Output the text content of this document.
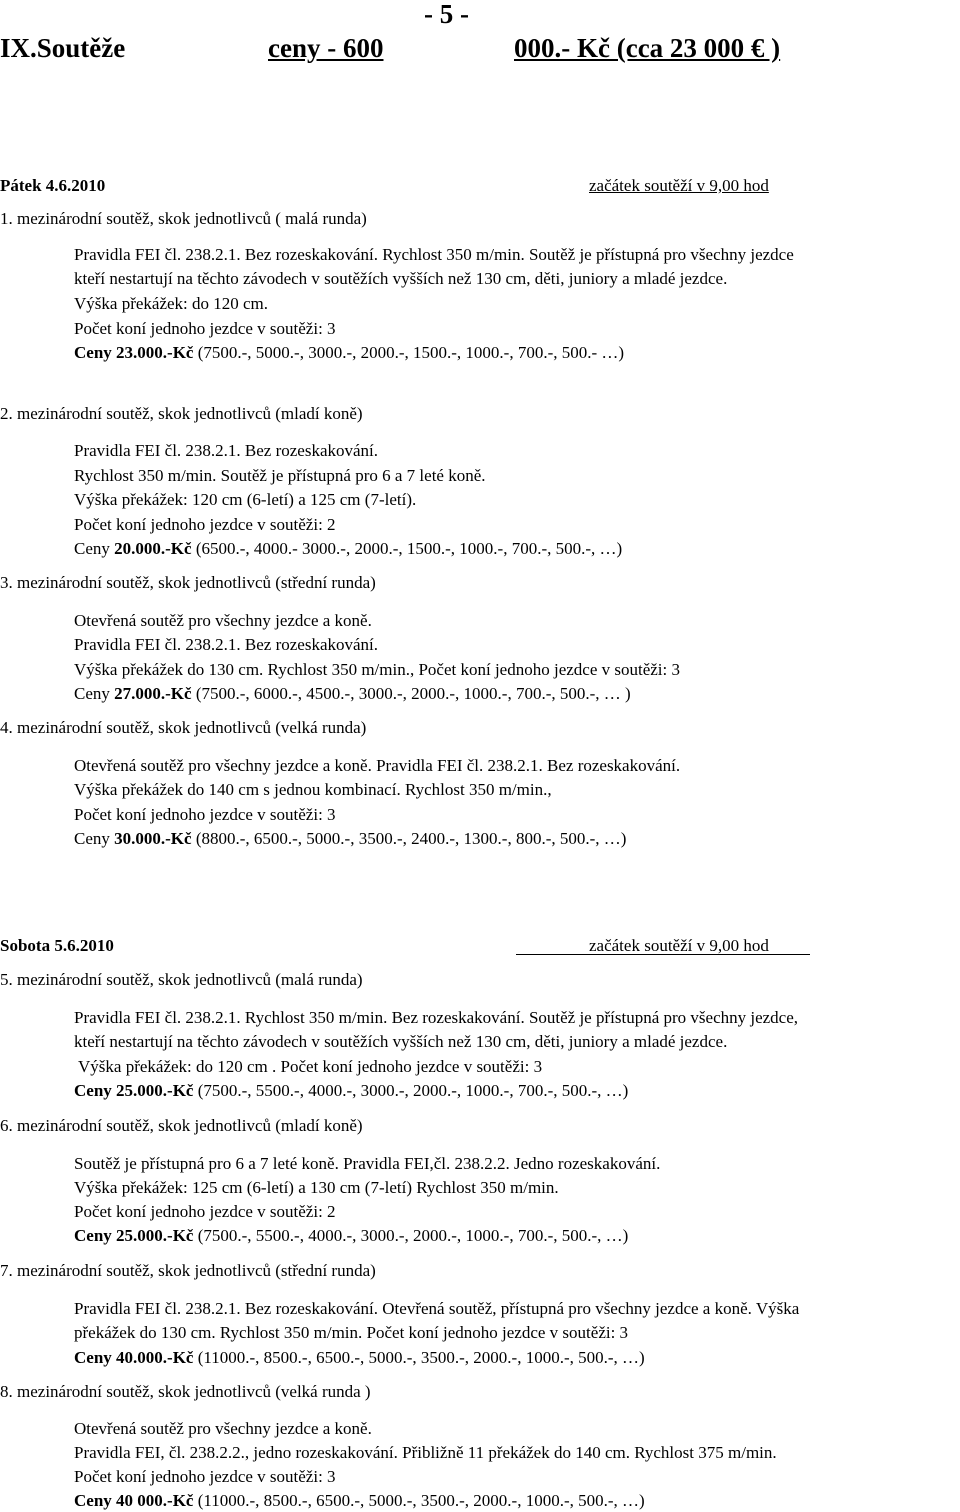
- 5 -
IX.Soutěže	ceny - 600	000.- Kč (cca 23 000 € )
Pátek 4.6.2010	začátek soutěží v 9,00 hod
1. mezinárodní soutěž, skok jednotlivců ( malá runda)
Pravidla FEI čl. 238.2.1. Bez rozeskakování. Rychlost 350 m/min. Soutěž je přístupná pro všechny jezdce
kteří nestartují na těchto závodech v soutěžích vyšších než 130 cm, děti, juniory a mladé jezdce.
Výška překážek: do 120 cm.
Počet koní jednoho jezdce v soutěži: 3
Ceny 23.000.-Kč (7500.-, 5000.-, 3000.-, 2000.-, 1500.-, 1000.-, 700.-, 500.- …)
2. mezinárodní soutěž, skok jednotlivců (mladí koně)
Pravidla FEI čl. 238.2.1. Bez rozeskakování.
Rychlost 350 m/min. Soutěž je přístupná pro 6 a 7 leté koně.
Výška překážek: 120 cm (6-letí) a 125 cm (7-letí).
Počet koní jednoho jezdce v soutěži: 2
Ceny 20.000.-Kč (6500.-, 4000.- 3000.-, 2000.-, 1500.-, 1000.-, 700.-, 500.-, …)
3. mezinárodní soutěž, skok jednotlivců (střední runda)
Otevřená soutěž pro všechny jezdce a koně.
Pravidla FEI čl. 238.2.1. Bez rozeskakování.
Výška překážek do 130 cm. Rychlost 350 m/min., Počet koní jednoho jezdce v soutěži: 3
Ceny 27.000.-Kč (7500.-, 6000.-, 4500.-, 3000.-, 2000.-, 1000.-, 700.-, 500.-, … )
4. mezinárodní soutěž, skok jednotlivců (velká runda)
Otevřená soutěž pro všechny jezdce a koně. Pravidla FEI čl. 238.2.1. Bez rozeskakování.
Výška překážek do 140 cm s jednou kombinací. Rychlost 350 m/min.,
Počet koní jednoho jezdce v soutěži: 3
Ceny 30.000.-Kč (8800.-, 6500.-, 5000.-, 3500.-, 2400.-, 1300.-, 800.-, 500.-, …)
Sobota 5.6.2010	začátek soutěží v 9,00 hod
5. mezinárodní soutěž, skok jednotlivců (malá runda)
Pravidla FEI čl. 238.2.1. Rychlost 350 m/min. Bez rozeskakování. Soutěž je přístupná pro všechny jezdce,
kteří nestartují na těchto závodech v soutěžích vyšších než 130 cm, děti, juniory a mladé jezdce.
Výška překážek: do 120 cm . Počet koní jednoho jezdce v soutěži: 3
Ceny 25.000.-Kč (7500.-, 5500.-, 4000.-, 3000.-, 2000.-, 1000.-, 700.-, 500.-, …)
6. mezinárodní soutěž, skok jednotlivců (mladí koně)
Soutěž je přístupná pro 6 a 7 leté koně. Pravidla FEI,čl. 238.2.2. Jedno rozeskakování.
Výška překážek: 125 cm (6-letí) a 130 cm (7-letí) Rychlost 350 m/min.
Počet koní jednoho jezdce v soutěži: 2
Ceny 25.000.-Kč (7500.-, 5500.-, 4000.-, 3000.-, 2000.-, 1000.-, 700.-, 500.-, …)
7. mezinárodní soutěž, skok jednotlivců (střední runda)
Pravidla FEI čl. 238.2.1. Bez rozeskakování. Otevřená soutěž, přístupná pro všechny jezdce a koně. Výška
překážek do 130 cm. Rychlost 350 m/min. Počet koní jednoho jezdce v soutěži: 3
Ceny 40.000.-Kč (11000.-, 8500.-, 6500.-, 5000.-, 3500.-, 2000.-, 1000.-, 500.-, …)
8. mezinárodní soutěž, skok jednotlivců (velká runda )
Otevřená soutěž pro všechny jezdce a koně.
Pravidla FEI, čl. 238.2.2., jedno rozeskakování. Přibližně 11 překážek do 140 cm. Rychlost 375 m/min.
Počet koní jednoho jezdce v soutěži: 3
Ceny 40 000.-Kč (11000.-, 8500.-, 6500.-, 5000.-, 3500.-, 2000.-, 1000.-, 500.-, …)
